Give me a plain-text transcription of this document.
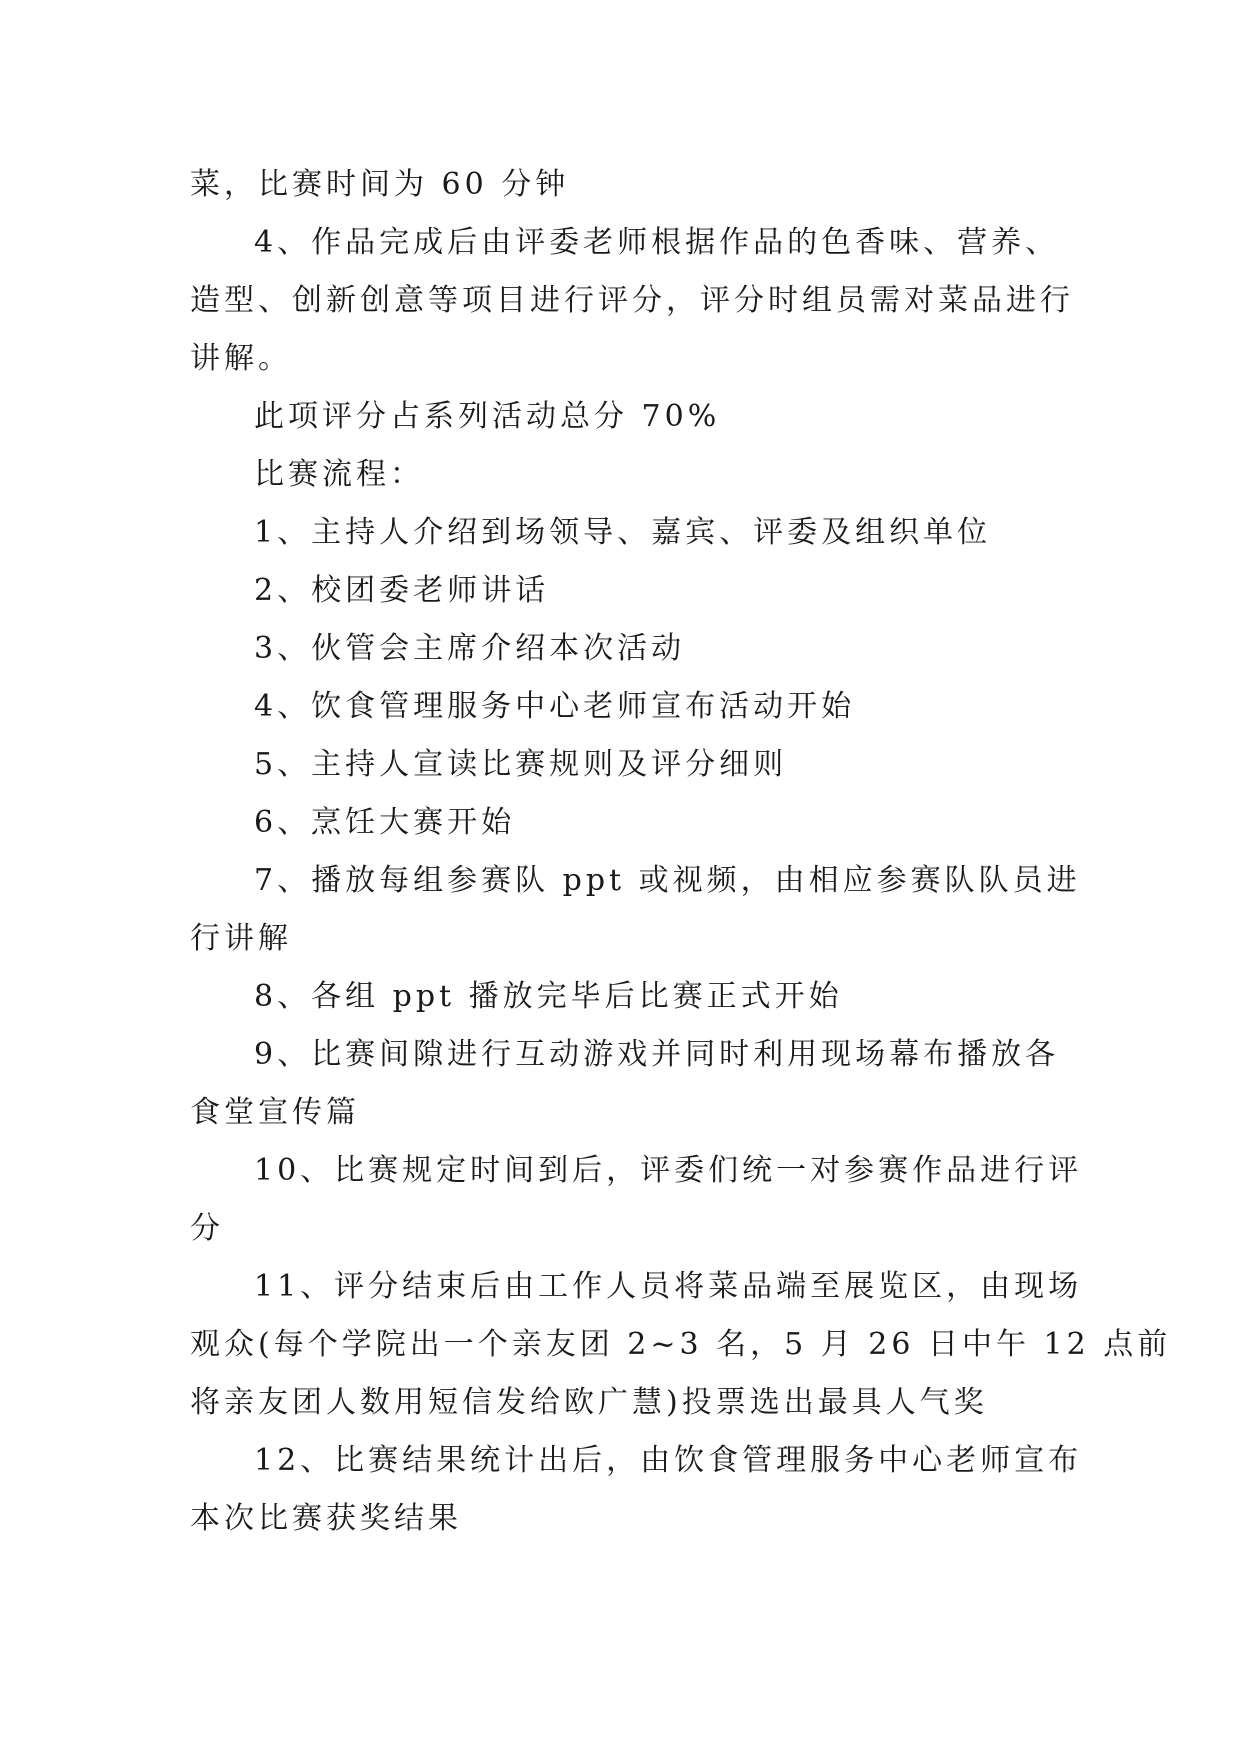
菜，比赛时间为 60 分钟
4、作品完成后由评委老师根据作品的色香味、营养、
造型、创新创意等项目进行评分，评分时组员需对菜品进行
讲解。
此项评分占系列活动总分 70%
比赛流程：
1、主持人介绍到场领导、嘉宾、评委及组织单位
2、校团委老师讲话
3、伙管会主席介绍本次活动
4、饮食管理服务中心老师宣布活动开始
5、主持人宣读比赛规则及评分细则
6、烹饪大赛开始
7、播放每组参赛队 ppt 或视频，由相应参赛队队员进
行讲解
8、各组 ppt 播放完毕后比赛正式开始
9、比赛间隙进行互动游戏并同时利用现场幕布播放各
食堂宣传篇
10、比赛规定时间到后，评委们统一对参赛作品进行评
分
11、评分结束后由工作人员将菜品端至展览区，由现场
观众(每个学院出一个亲友团 2~3 名，5 月 26 日中午 12 点前
将亲友团人数用短信发给欧广慧)投票选出最具人气奖
12、比赛结果统计出后，由饮食管理服务中心老师宣布
本次比赛获奖结果
